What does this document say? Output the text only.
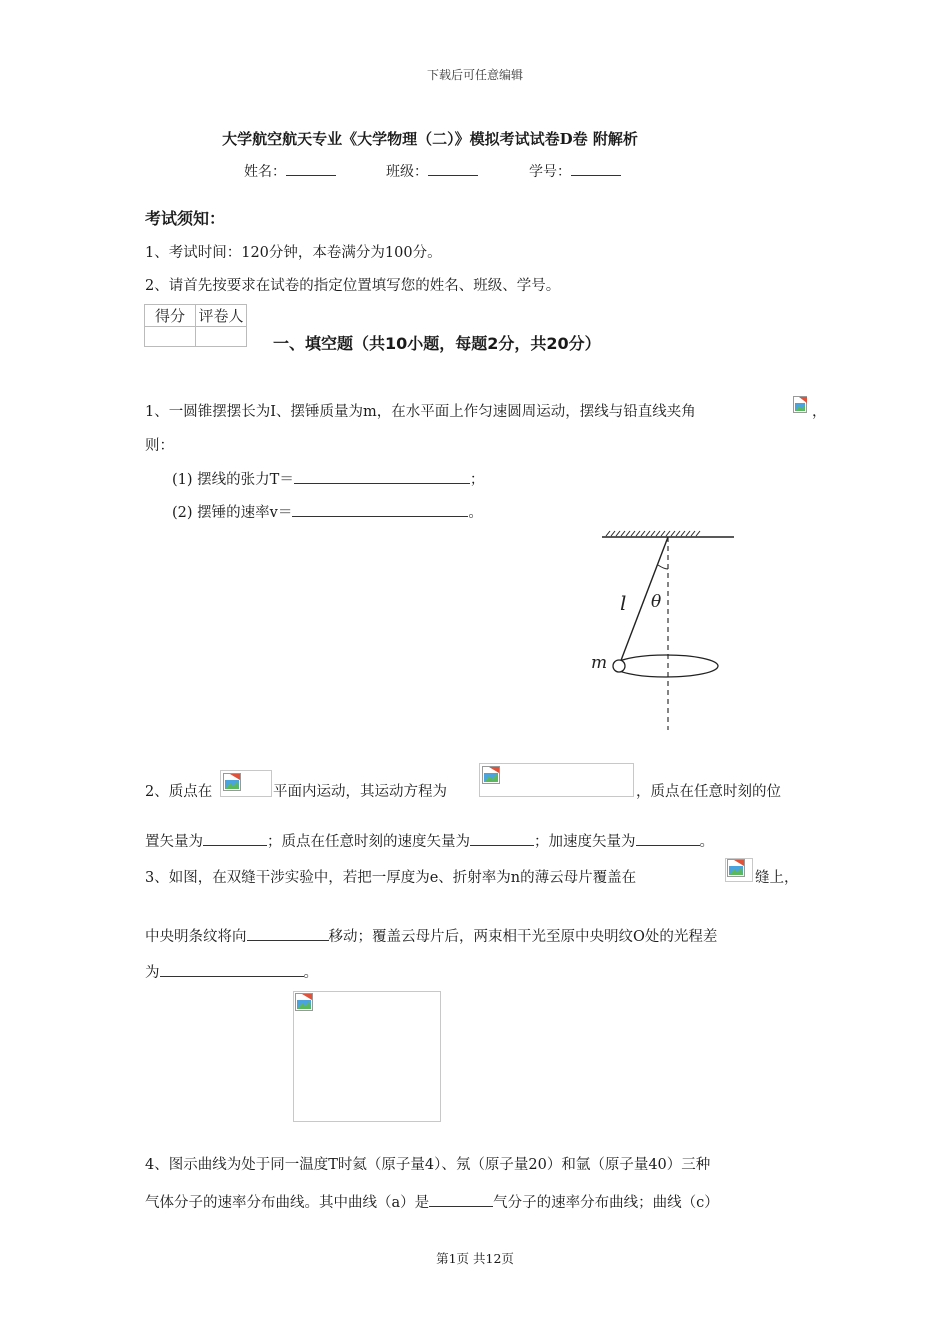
下载后可任意编辑
大学航空航天专业《大学物理（二）》模拟考试试卷D卷 附解析
姓名：	班级：	学号：
考试须知：
1、考试时间：120分钟，本卷满分为100分。
2、请首先按要求在试卷的指定位置填写您的姓名、班级、学号。
得分	评卷人

一、填空题（共10小题，每题2分，共20分）
1、一圆锥摆摆长为I、摆锤质量为m，在水平面上作匀速圆周运动，摆线与铅直线夹角	，
则：
(1) 摆线的张力T＝	；
(2) 摆锤的速率v＝	。
l θ
m
2、质点在	平面内运动，其运动方程为	，质点在任意时刻的位
置矢量为	；质点在任意时刻的速度矢量为	；加速度矢量为	。
3、如图，在双缝干涉实验中，若把一厚度为e、折射率为n的薄云母片覆盖在	缝上，
中央明条纹将向	移动；覆盖云母片后，两束相干光至原中央明纹O处的光程差
为	。
4、图示曲线为处于同一温度T时氦（原子量4）、氖（原子量20）和氩（原子量40）三种
气体分子的速率分布曲线。其中曲线（a）是	气分子的速率分布曲线；曲线（c）
第1页 共12页
